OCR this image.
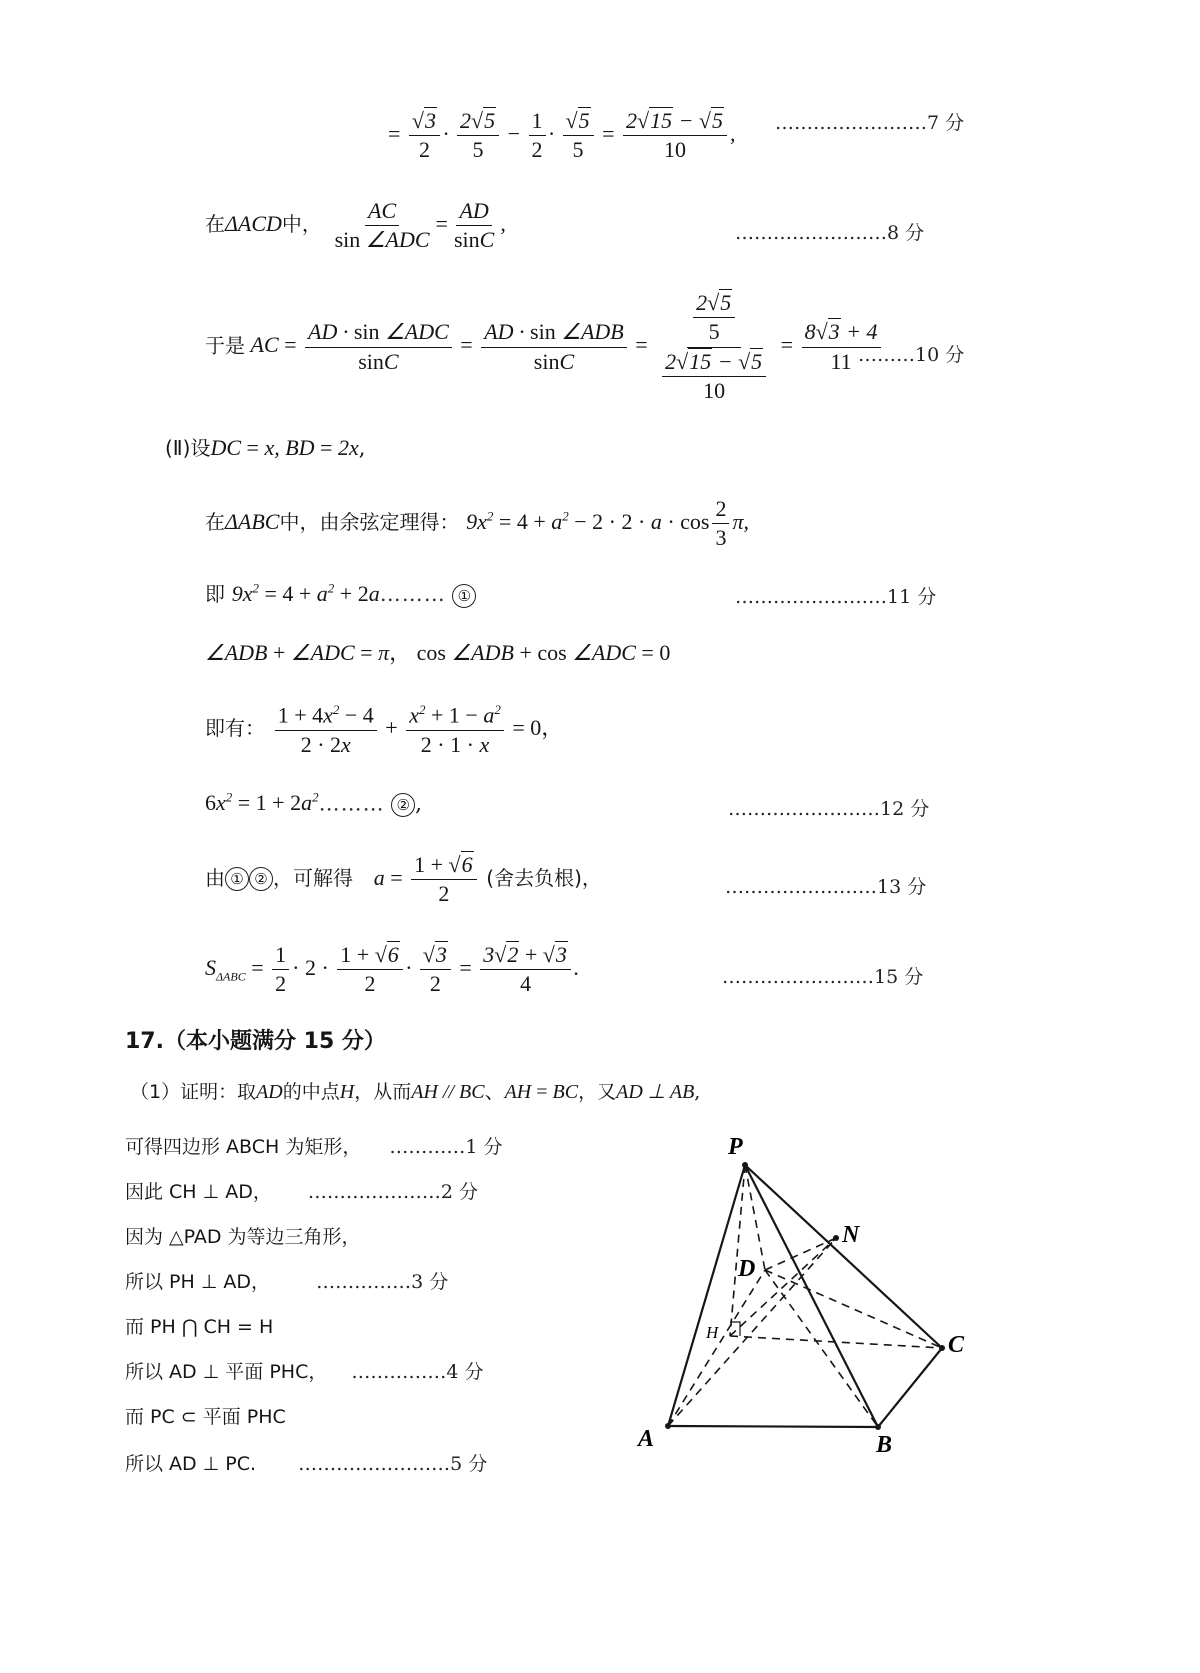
= $\frac{√3}{2} \cdot \frac{2√5}{5} - \frac{1}{2} \cdot \frac{√5}{5} = \frac{2√15 - √5}{10}$ , ……………………7 分
在ΔACD中， $\frac{AC}{\text{sin ∠ADC}} = \frac{AD}{\sin C}$ ,	……………………8 分
于是 AC = $\frac{\text{AD · sin ∠ADC}}{\sin C} = \frac{\text{AD · sin ∠ADB}}{\sin C} = \frac{\frac{2√5}{5}}{\frac{2√15 - √5}{10}} = \frac{8√3 + 4}{11}$
………10 分
(Ⅱ)设DC = x, BD = 2x,
在ΔABC中，由余弦定理得： $9x^2 = 4 + a^2 - 2 \cdot 2 \cdot a \cdot \cos \frac{2}{3} \pi$,
即 $9x^2 = 4 + a^2$ + 2a……… ①	……………………11 分
∠ADB + ∠ADC = π， cos ∠ADB + cos ∠ADC = 0
即有： $\frac{1 + 4x^2 - 4}{2 \cdot 2x} + \frac{x^2 + 1 - a^2}{2 \cdot 1 \cdot x} = 0$，
$6x^2 = 1$ + $2a^2\dots\dots\dots$ ② ,	……………………12 分
由 ① ② ，可解得 $a = \frac{1 + √6}{2}$ (舍去负根)，	……………………13 分
$S_{\Delta ABC} = \frac{1}{2} \cdot 2 \cdot \frac{1 + √6}{2} \cdot \frac{√3}{2} = \frac{3√2 + √3}{4}$ .	……………………15 分
17.（本小题满分 15 分）
（1）证明：取AD的中点H，从而AH // BC、AH = BC，又AD ⊥ AB,
可得四边形 ABCH 为矩形， …………1 分
因此 CH ⊥ AD， …………………2 分
因为 △PAD 为等边三角形，
所以 PH ⊥ AD， ……………3 分
而 PH ⋂ CH = H
所以 AD ⊥ 平面 PHC， ……………4 分
而 PC ⊂ 平面 PHC
所以 AD ⊥ PC. ……………………5 分
P
N
D
H	C
A	B
